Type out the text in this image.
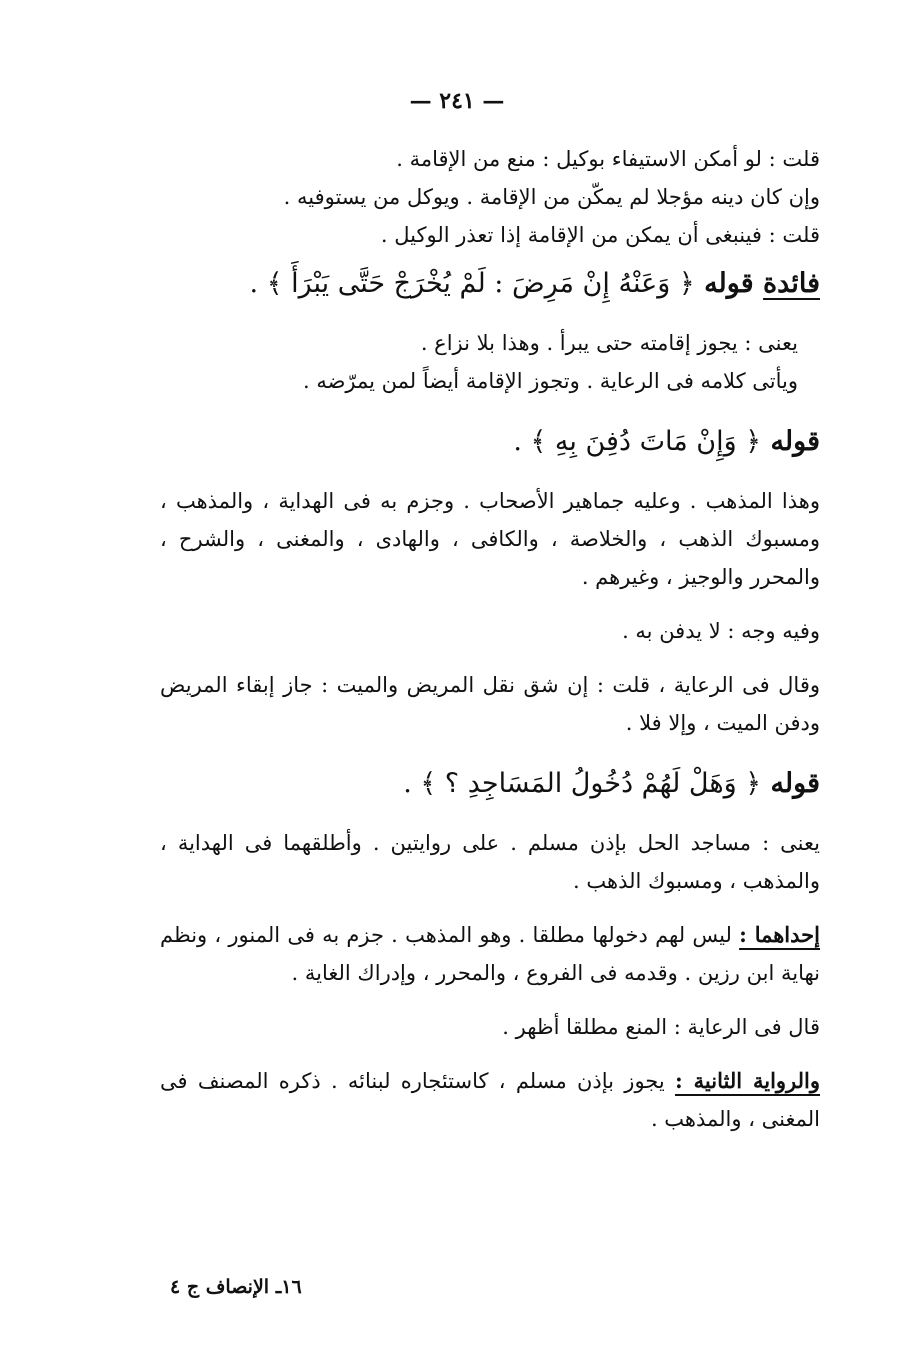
— ٢٤١ —

قلت : لو أمكن الاستيفاء بوكيل : منع من الإقامة .

وإن كان دينه مؤجلا لم يمكّن من الإقامة . ويوكل من يستوفيه .

قلت : فينبغى أن يمكن من الإقامة إذا تعذر الوكيل .

فائدة قوله ﴿ وَعَنْهُ إِنْ مَرِضَ : لَمْ يُخْرَجْ حَتَّى يَبْرَأَ ﴾ .

يعنى : يجوز إقامته حتى يبرأ . وهذا بلا نزاع .

ويأتى كلامه فى الرعاية . وتجوز الإقامة أيضاً لمن يمرّضه .

قوله ﴿ وَإِنْ مَاتَ دُفِنَ بِهِ ﴾ .

وهذا المذهب . وعليه جماهير الأصحاب . وجزم به فى الهداية ، والمذهب ، ومسبوك الذهب ، والخلاصة ، والكافى ، والهادى ، والمغنى ، والشرح ، والمحرر والوجيز ، وغيرهم .

وفيه وجه : لا يدفن به .

وقال فى الرعاية ، قلت : إن شق نقل المريض والميت : جاز إبقاء المريض ودفن الميت ، وإلا فلا .

قوله ﴿ وَهَلْ لَهُمْ دُخُولُ المَسَاجِدِ ؟ ﴾ .

يعنى : مساجد الحل بإذن مسلم . على روايتين . وأطلقهما فى الهداية ، والمذهب ، ومسبوك الذهب .

إحداهما : ليس لهم دخولها مطلقا . وهو المذهب . جزم به فى المنور ، ونظم نهاية ابن رزين . وقدمه فى الفروع ، والمحرر ، وإدراك الغاية .

قال فى الرعاية : المنع مطلقا أظهر .

والرواية الثانية : يجوز بإذن مسلم ، كاستئجاره لبنائه . ذكره المصنف فى المغنى ، والمذهب .

١٦ـ الإنصاف ج ٤
